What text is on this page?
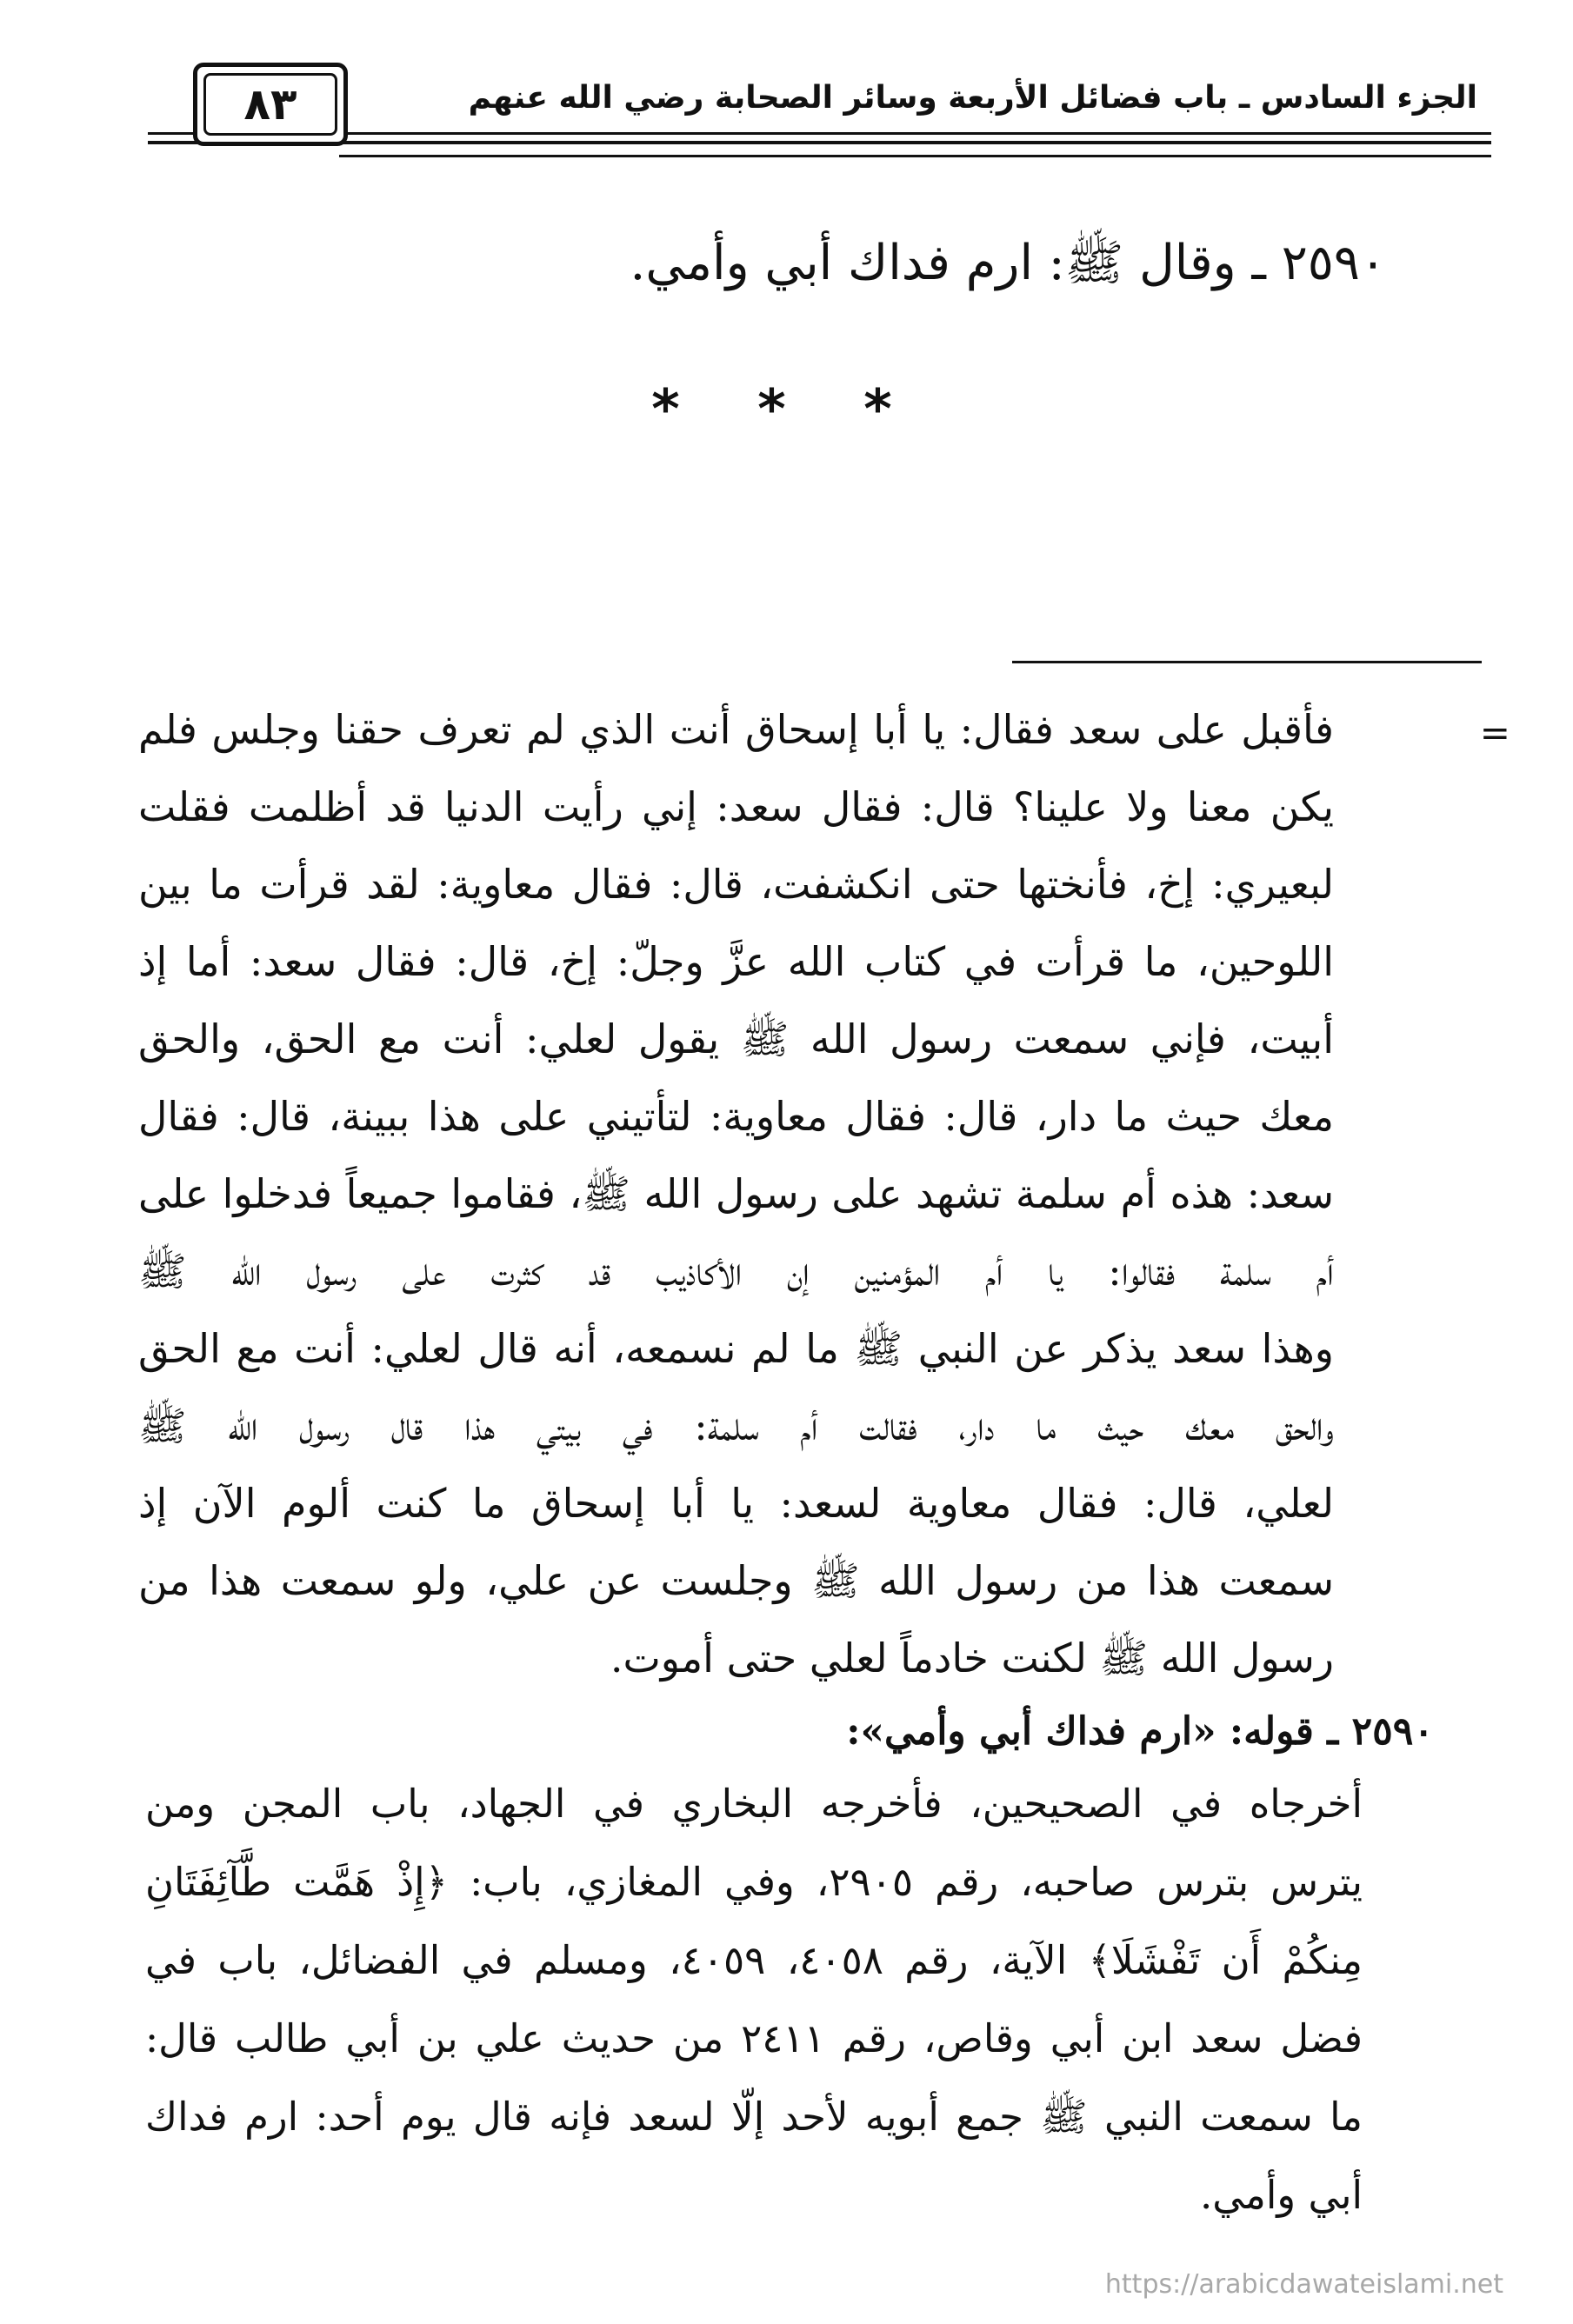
الجزء السادس ـ باب فضائل الأربعة وسائر الصحابة رضي الله عنهم
٨٣
٢٥٩٠ ـ وقال ﷺ: ارم فداك أبي وأمي.
* * *
=
فأقبل على سعد فقال: يا أبا إسحاق أنت الذي لم تعرف حقنا وجلس فلم
يكن معنا ولا علينا؟ قال: فقال سعد: إني رأيت الدنيا قد أظلمت فقلت
لبعيري: إخ، فأنختها حتى انكشفت، قال: فقال معاوية: لقد قرأت ما بين
اللوحين، ما قرأت في كتاب الله عزَّ وجلّ: إخ، قال: فقال سعد: أما إذ
أبيت، فإني سمعت رسول الله ﷺ يقول لعلي: أنت مع الحق، والحق
معك حيث ما دار، قال: فقال معاوية: لتأتيني على هذا ببينة، قال: فقال
سعد: هذه أم سلمة تشهد على رسول الله ﷺ، فقاموا جميعاً فدخلوا على
أم سلمة فقالوا: يا أم المؤمنين إن الأكاذيب قد كثرت على رسول الله ﷺ
وهذا سعد يذكر عن النبي ﷺ ما لم نسمعه، أنه قال لعلي: أنت مع الحق
والحق معك حيث ما دار، فقالت أم سلمة: في بيتي هذا قال رسول الله ﷺ
لعلي، قال: فقال معاوية لسعد: يا أبا إسحاق ما كنت ألوم الآن إذ
سمعت هذا من رسول الله ﷺ وجلست عن علي، ولو سمعت هذا من
رسول الله ﷺ لكنت خادماً لعلي حتى أموت.
٢٥٩٠ ـ قوله: «ارم فداك أبي وأمي»:
أخرجاه في الصحيحين، فأخرجه البخاري في الجهاد، باب المجن ومن
يترس بترس صاحبه، رقم ٢٩٠٥، وفي المغازي، باب: ﴿إِذْ هَمَّت طَّآئِفَتَانِ
مِنكُمْ أَن تَفْشَلَا﴾ الآية، رقم ٤٠٥٨، ٤٠٥٩، ومسلم في الفضائل، باب في
فضل سعد ابن أبي وقاص، رقم ٢٤١١ من حديث علي بن أبي طالب قال:
ما سمعت النبي ﷺ جمع أبويه لأحد إلّا لسعد فإنه قال يوم أحد: ارم فداك
أبي وأمي.
https://arabicdawateislami.net
